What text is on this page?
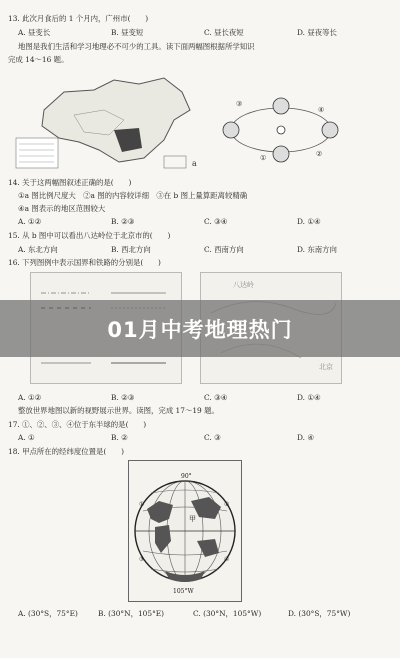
13. 此次月食后的 1 个月内，广州市(　　)
A. 昼变长	B. 昼变短	C. 昼长夜短	D. 昼夜等长
地图是我们生活和学习地理必不可少的工具。读下面两幅图根据所学知识
完成 14～16 题。
a
③
④
①	②
14. 关于这两幅图叙述正确的是(　　)
①a 图比例尺度大　②a 图的内容较详细　③在 b 图上量算距离较精确
④a 图表示的地区范围较大
A. ①②	B. ②③	C. ③④	D. ①④
15. 从 b 图中可以看出八达岭位于北京市的(　　)
A. 东北方向	B. 西北方向	C. 西南方向	D. 东南方向
16. 下列图例中表示国界和铁路的分别是(　　)
八达岭
北京
01月中考地理热门
A. ①②	B. ②③	C. ③④	D. ①④
整放世界地图以新的视野展示世界。读图，完成 17～19 题。
17. ①、②、③、④位于东半球的是(　　)
A. ①	B. ②	C. ③	D. ④
18. 甲点所在的经纬度位置是(　　)
甲
90°
105°W
①	②
③	④
A. (30°S，75°E)	B. (30°N，105°E)	C. (30°N，105°W)	D. (30°S，75°W)
